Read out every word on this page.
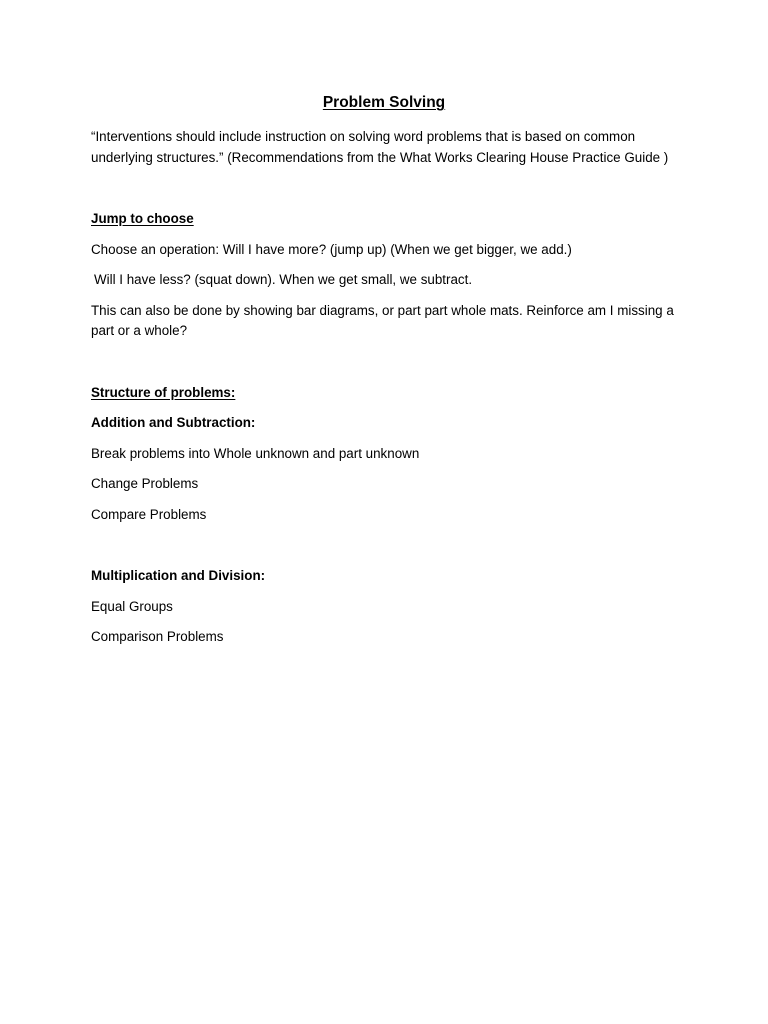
Problem Solving

“Interventions should include instruction on solving word problems that is based on common underlying structures.” (Recommendations from the What Works Clearing House Practice Guide )

Jump to choose

Choose an operation: Will I have more? (jump up) (When we get bigger, we add.)

Will I have less? (squat down). When we get small, we subtract.

This can also be done by showing bar diagrams, or part part whole mats. Reinforce am I missing a part or a whole?

Structure of problems:

Addition and Subtraction:

Break problems into Whole unknown and part unknown

Change Problems

Compare Problems

Multiplication and Division:

Equal Groups

Comparison Problems
